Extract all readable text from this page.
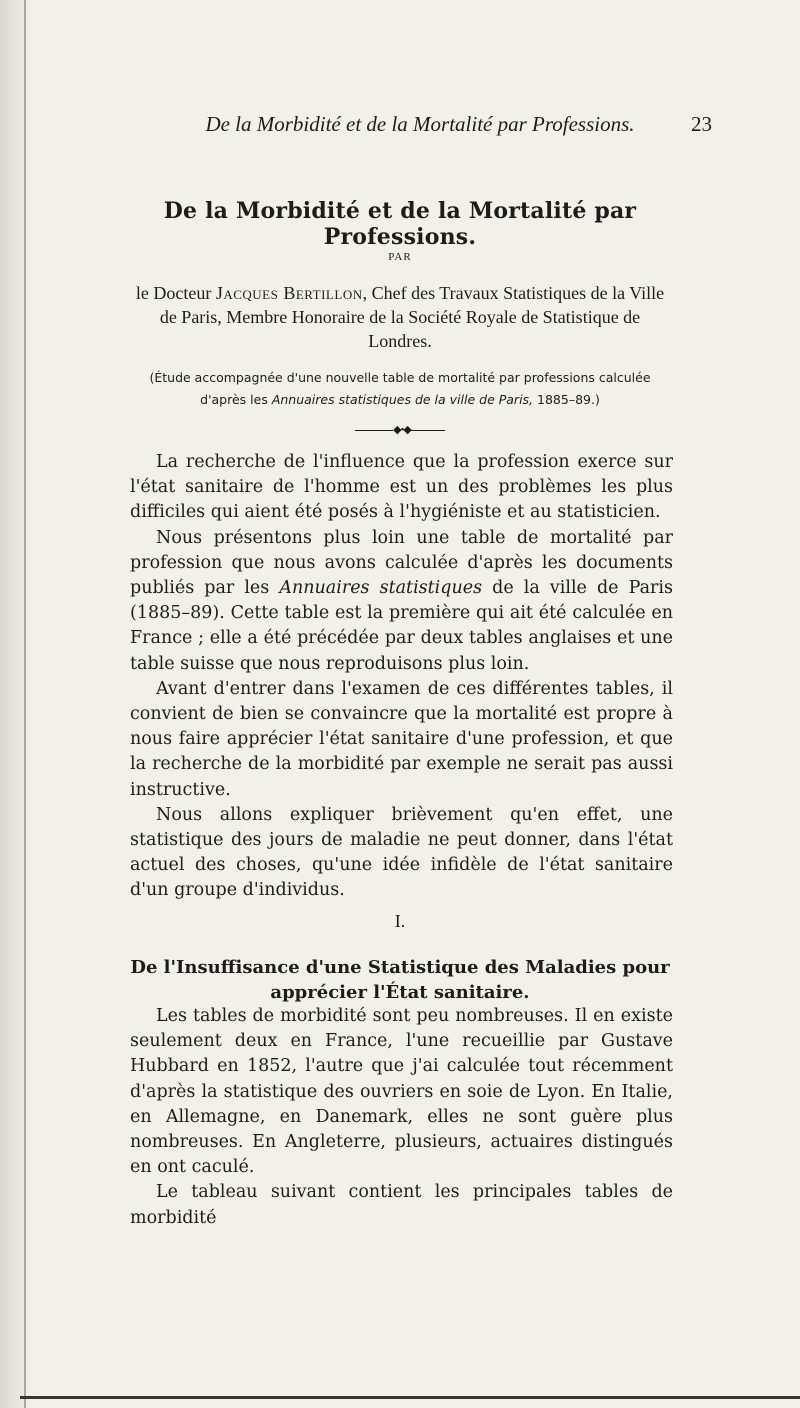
De la Morbidité et de la Mortalité par Professions.	23
De la Morbidité et de la Mortalité par Professions.
PAR
le Docteur Jacques Bertillon, Chef des Travaux Statistiques de la Ville de Paris, Membre Honoraire de la Société Royale de Statistique de Londres.
(Étude accompagnée d'une nouvelle table de mortalité par professions calculée d'après les Annuaires statistiques de la ville de Paris, 1885–89.)
◆•◆

La recherche de l'influence que la profession exerce sur l'état sanitaire de l'homme est un des problèmes les plus difficiles qui aient été posés à l'hygiéniste et au statisticien.

Nous présentons plus loin une table de mortalité par profession que nous avons calculée d'après les documents publiés par les Annuaires statistiques de la ville de Paris (1885–89). Cette table est la première qui ait été calculée en France ; elle a été précédée par deux tables anglaises et une table suisse que nous reproduisons plus loin.

Avant d'entrer dans l'examen de ces différentes tables, il convient de bien se convaincre que la mortalité est propre à nous faire apprécier l'état sanitaire d'une profession, et que la recherche de la morbidité par exemple ne serait pas aussi instructive.

Nous allons expliquer brièvement qu'en effet, une statistique des jours de maladie ne peut donner, dans l'état actuel des choses, qu'une idée infidèle de l'état sanitaire d'un groupe d'individus.

I.
De l'Insuffisance d'une Statistique des Maladies pour apprécier l'État sanitaire.

Les tables de morbidité sont peu nombreuses. Il en existe seulement deux en France, l'une recueillie par Gustave Hubbard en 1852, l'autre que j'ai calculée tout récemment d'après la statistique des ouvriers en soie de Lyon. En Italie, en Allemagne, en Danemark, elles ne sont guère plus nombreuses. En Angleterre, plusieurs, actuaires distingués en ont caculé.

Le tableau suivant contient les principales tables de morbidité
